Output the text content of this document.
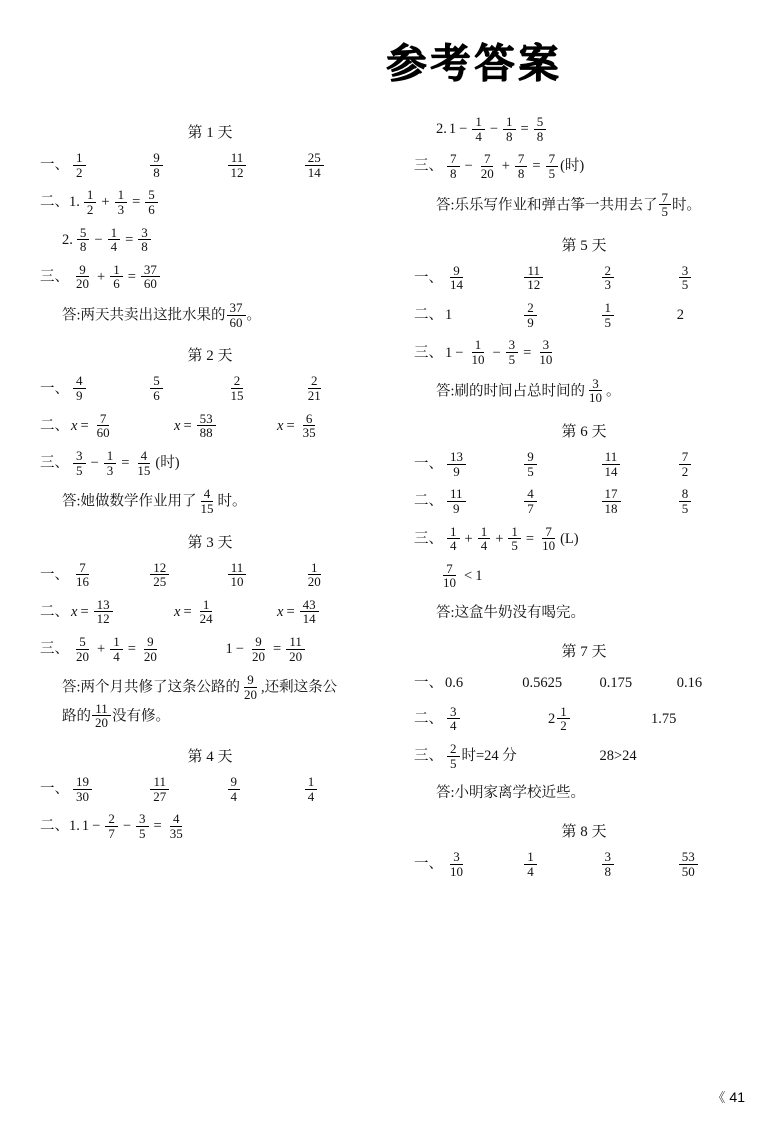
参考答案
第 1 天
一、 $\frac{1}{2}$	$\frac{9}{8}$	$\frac{11}{12}$	$\frac{25}{14}$
二、1. $\frac{1}{2} + \frac{1}{3} = \frac{5}{6}$
2. $\frac{5}{8} - \frac{1}{4} = \frac{3}{8}$
三、 $\frac{9}{20} + \frac{1}{6} = \frac{37}{60}$
答:两天共卖出这批水果的 $\frac{37}{60}$ 。
第 2 天
一、 $\frac{4}{9}$	$\frac{5}{6}$	$\frac{2}{15}$	$\frac{2}{21}$
二、 $x = \frac{7}{60}$	$x = \frac{53}{88}$	$x = \frac{6}{35}$
三、 $\frac{3}{5} - \frac{1}{3} = \frac{4}{15}$ (时)
答:她做数学作业用了 $\frac{4}{15}$ 时。
第 3 天
一、 $\frac{7}{16}$	$\frac{12}{25}$	$\frac{11}{10}$	$\frac{1}{20}$
二、 $x = \frac{13}{12}$	$x = \frac{1}{24}$	$x = \frac{43}{14}$
三、 $\frac{5}{20} + \frac{1}{4} = \frac{9}{20}$	$1 - \frac{9}{20} = \frac{11}{20}$
答:两个月共修了这条公路的 $\frac{9}{20}$ ,还剩这条公
路的 $\frac{11}{20}$ 没有修。
第 4 天
一、 $\frac{19}{30}$	$\frac{11}{27}$	$\frac{9}{4}$	$\frac{1}{4}$
二、1. $1 - \frac{2}{7} - \frac{3}{5} = \frac{4}{35}$
2. $1 - \frac{1}{4} - \frac{1}{8} = \frac{5}{8}$
三、 $\frac{7}{8} - \frac{7}{20} + \frac{7}{8} = \frac{7}{5}$ (时)
答:乐乐写作业和弹古筝一共用去了 $\frac{7}{5}$ 时。
第 5 天
一、 $\frac{9}{14}$	$\frac{11}{12}$	$\frac{2}{3}$	$\frac{3}{5}$
二、 1	$\frac{2}{9}$	$\frac{1}{5}$	2
三、 $1 - \frac{1}{10} - \frac{3}{5} = \frac{3}{10}$
答:刷的时间占总时间的 $\frac{3}{10}$ 。
第 6 天
一、 $\frac{13}{9}$	$\frac{9}{5}$	$\frac{11}{14}$	$\frac{7}{2}$
二、 $\frac{11}{9}$	$\frac{4}{7}$	$\frac{17}{18}$	$\frac{8}{5}$
三、 $\frac{1}{4} + \frac{1}{4} + \frac{1}{5} = \frac{7}{10} (L)$
$\frac{7}{10} < 1$
答:这盒牛奶没有喝完。
第 7 天
一、 0.6	0.5625	0.175	0.16
二、 $\frac{3}{4}$	$2 \frac{1}{2}$	1.75
三、 $\frac{2}{5}$ 时=24 分	28>24
答:小明家离学校近些。
第 8 天
一、 $\frac{3}{10}$	$\frac{1}{4}$	$\frac{3}{8}$	$\frac{53}{50}$
《 41
